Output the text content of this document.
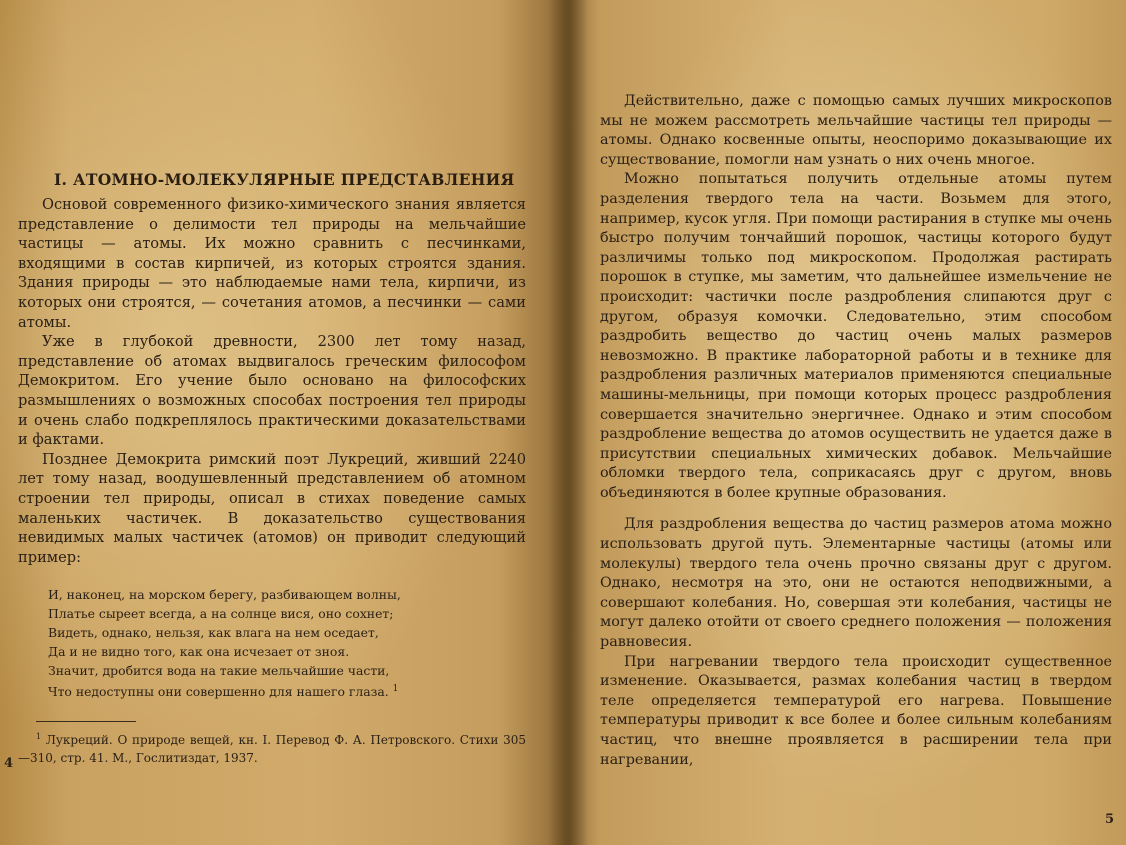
I. АТОМНО-МОЛЕКУЛЯРНЫЕ ПРЕДСТАВЛЕНИЯ

Основой современного физико-химического знания является представление о делимости тел природы на мельчайшие частицы — атомы. Их можно сравнить с песчинками, входящими в состав кирпичей, из которых строятся здания. Здания природы — это наблюдаемые нами тела, кирпичи, из которых они строятся, — сочетания атомов, а песчинки — сами атомы.

Уже в глубокой древности, 2300 лет тому назад, представление об атомах выдвигалось греческим философом Демокритом. Его учение было основано на философских размышлениях о возможных способах построения тел природы и очень слабо подкреплялось практическими доказательствами и фактами.

Позднее Демокрита римский поэт Лукреций, живший 2240 лет тому назад, воодушевленный представлением об атомном строении тел природы, описал в стихах поведение самых маленьких частичек. В доказательство существования невидимых малых частичек (атомов) он приводит следующий пример:

И, наконец, на морском берегу, разбивающем волны,
Платье сыреет всегда, а на солнце вися, оно сохнет;
Видеть, однако, нельзя, как влага на нем оседает,
Да и не видно того, как она исчезает от зноя.
Значит, дробится вода на такие мельчайшие части,
Что недоступны они совершенно для нашего глаза. $^1$

$^1$ Лукреций. О природе вещей, кн. I. Перевод Ф. А. Петровского. Стихи 305—310, стр. 41. М., Гослитиздат, 1937.

4

Действительно, даже с помощью самых лучших микроскопов мы не можем рассмотреть мельчайшие частицы тел природы — атомы. Однако косвенные опыты, неоспоримо доказывающие их существование, помогли нам узнать о них очень многое.

Можно попытаться получить отдельные атомы путем разделения твердого тела на части. Возьмем для этого, например, кусок угля. При помощи растирания в ступке мы очень быстро получим тончайший порошок, частицы которого будут различимы только под микроскопом. Продолжая растирать порошок в ступке, мы заметим, что дальнейшее измельчение не происходит: частички после раздробления слипаются друг с другом, образуя комочки. Следовательно, этим способом раздробить вещество до частиц очень малых размеров невозможно. В практике лабораторной работы и в технике для раздробления различных материалов применяются специальные машины-мельницы, при помощи которых процесс раздробления совершается значительно энергичнее. Однако и этим способом раздробление вещества до атомов осуществить не удается даже в присутствии специальных химических добавок. Мельчайшие обломки твердого тела, соприкасаясь друг с другом, вновь объединяются в более крупные образования.

Для раздробления вещества до частиц размеров атома можно использовать другой путь. Элементарные частицы (атомы или молекулы) твердого тела очень прочно связаны друг с другом. Однако, несмотря на это, они не остаются неподвижными, а совершают колебания. Но, совершая эти колебания, частицы не могут далеко отойти от своего среднего положения — положения равновесия.

При нагревании твердого тела происходит существенное изменение. Оказывается, размах колебания частиц в твердом теле определяется температурой его нагрева. Повышение температуры приводит к все более и более сильным колебаниям частиц, что внешне проявляется в расширении тела при нагревании,

5
